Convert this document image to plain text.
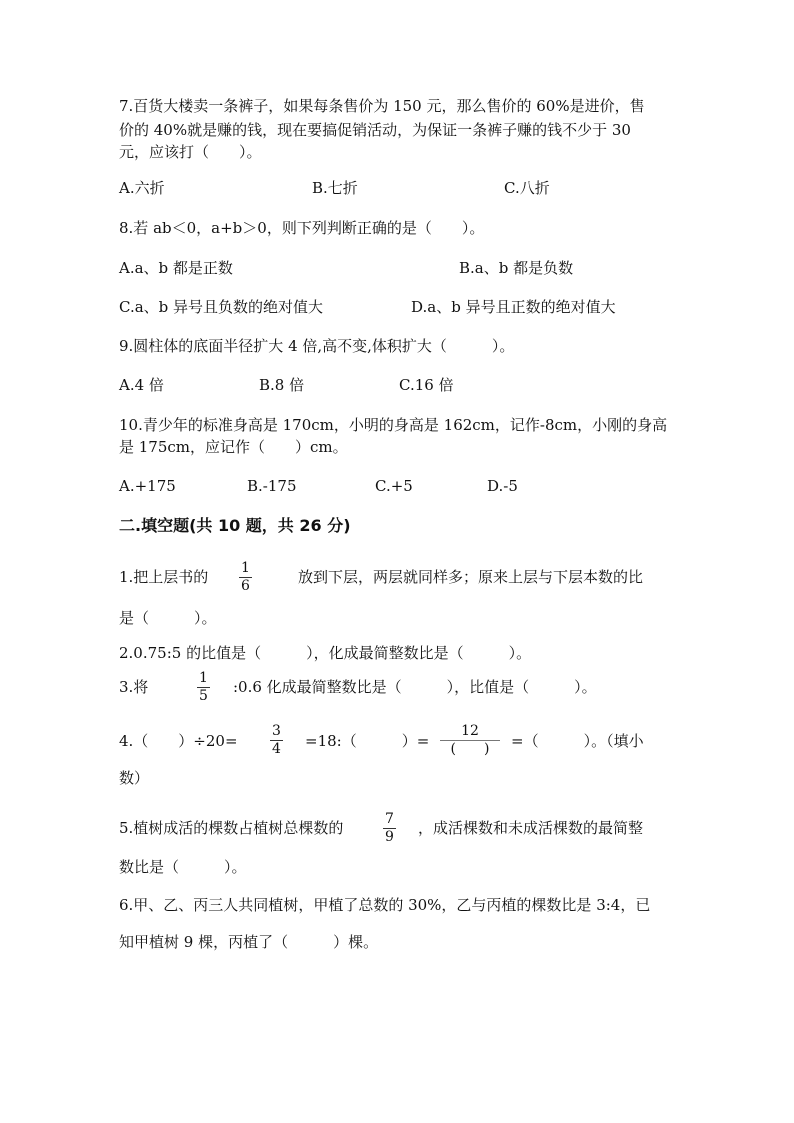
7.百货大楼卖一条裤子，如果每条售价为 150 元，那么售价的 60%是进价，售
价的 40%就是赚的钱，现在要搞促销活动，为保证一条裤子赚的钱不少于 30
元，应该打（　　）。
A.六折	B.七折	C.八折
8.若 ab＜0，a+b＞0，则下列判断正确的是（　　）。
A.a、b 都是正数	B.a、b 都是负数
C.a、b 异号且负数的绝对值大	D.a、b 异号且正数的绝对值大
9.圆柱体的底面半径扩大 4 倍,高不变,体积扩大（　　　）。
A.4 倍	B.8 倍	C.16 倍
10.青少年的标准身高是 170cm，小明的身高是 162cm，记作-8cm，小刚的身高
是 175cm，应记作（　　）cm。
A.+175	B.-175	C.+5	D.-5
二.填空题(共 10 题，共 26 分)
1.把上层书的 1
6	放到下层，两层就同样多；原来上层与下层本数的比
是（　　　）。
2.0.75:5 的比值是（　　　），化成最简整数比是（　　　）。
3.将	1
5 :0.6 化成最简整数比是（　　　），比值是（　　　）。
4.（　　）÷20=
3
4 =18:（　　　）=
12
(　　) =（　　　）。（填小
数）
5.植树成活的棵数占植树总棵数的	7
9 ，成活棵数和未成活棵数的最简整
数比是（　　　）。
6.甲、乙、丙三人共同植树，甲植了总数的 30%，乙与丙植的棵数比是 3:4，已
知甲植树 9 棵，丙植了（　　　）棵。
